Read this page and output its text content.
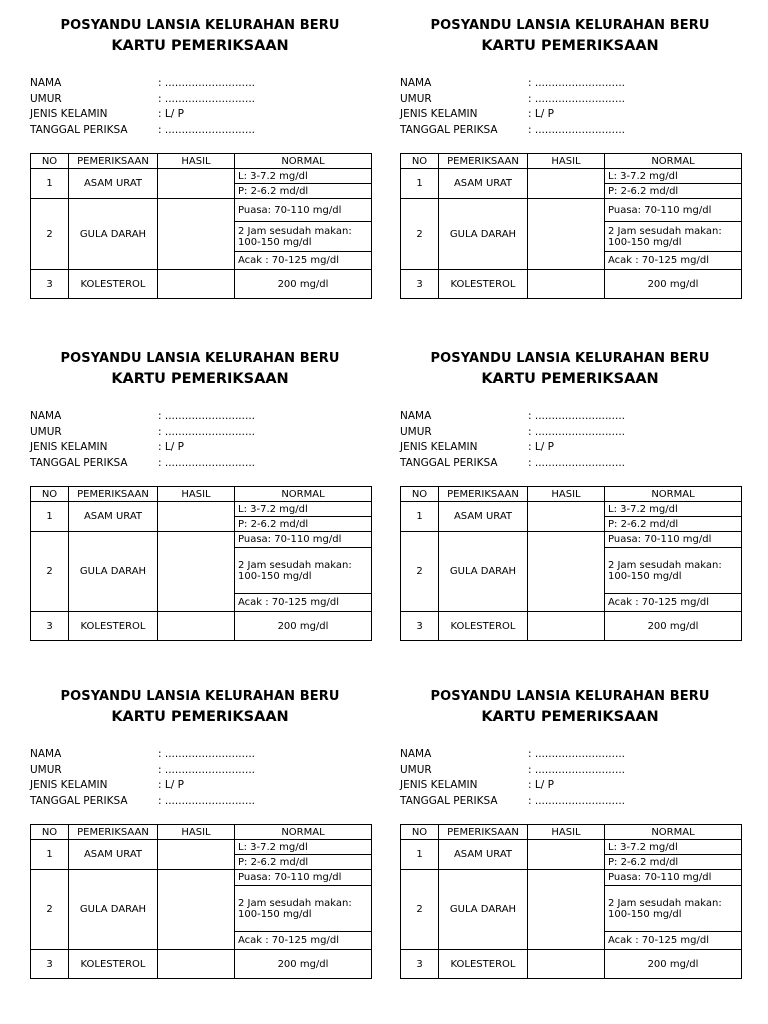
POSYANDU LANSIA KELURAHAN BERU
KARTU PEMERIKSAAN
NAMA	: ...........................
UMUR	: ...........................
JENIS KELAMIN	: L/ P
TANGGAL PERIKSA	: ...........................
NO	PEMERIKSAAN	HASIL	NORMAL
1	ASAM URAT		L: 3-7.2 mg/dl
			P: 2-6.2 md/dl
2	GULA DARAH		Puasa: 70-110 mg/dl
			2 Jam sesudah makan: 100-150 mg/dl
			Acak : 70-125 mg/dl
3	KOLESTEROL		200 mg/dl
POSYANDU LANSIA KELURAHAN BERU
KARTU PEMERIKSAAN
NAMA	: ...........................
UMUR	: ...........................
JENIS KELAMIN	: L/ P
TANGGAL PERIKSA	: ...........................
NO	PEMERIKSAAN	HASIL	NORMAL
1	ASAM URAT		L: 3-7.2 mg/dl
			P: 2-6.2 md/dl
2	GULA DARAH		Puasa: 70-110 mg/dl
			2 Jam sesudah makan: 100-150 mg/dl
			Acak : 70-125 mg/dl
3	KOLESTEROL		200 mg/dl
POSYANDU LANSIA KELURAHAN BERU
KARTU PEMERIKSAAN
NAMA	: ...........................
UMUR	: ...........................
JENIS KELAMIN	: L/ P
TANGGAL PERIKSA	: ...........................
NO	PEMERIKSAAN	HASIL	NORMAL
1	ASAM URAT		L: 3-7.2 mg/dl
			P: 2-6.2 md/dl
2	GULA DARAH		Puasa: 70-110 mg/dl
			2 Jam sesudah makan: 100-150 mg/dl
			Acak : 70-125 mg/dl
3	KOLESTEROL		200 mg/dl
POSYANDU LANSIA KELURAHAN BERU
KARTU PEMERIKSAAN
NAMA	: ...........................
UMUR	: ...........................
JENIS KELAMIN	: L/ P
TANGGAL PERIKSA	: ...........................
NO	PEMERIKSAAN	HASIL	NORMAL
1	ASAM URAT		L: 3-7.2 mg/dl
			P: 2-6.2 md/dl
2	GULA DARAH		Puasa: 70-110 mg/dl
			2 Jam sesudah makan: 100-150 mg/dl
			Acak : 70-125 mg/dl
3	KOLESTEROL		200 mg/dl
POSYANDU LANSIA KELURAHAN BERU
KARTU PEMERIKSAAN
NAMA	: ...........................
UMUR	: ...........................
JENIS KELAMIN	: L/ P
TANGGAL PERIKSA	: ...........................
NO	PEMERIKSAAN	HASIL	NORMAL
1	ASAM URAT		L: 3-7.2 mg/dl
			P: 2-6.2 md/dl
2	GULA DARAH		Puasa: 70-110 mg/dl
			2 Jam sesudah makan: 100-150 mg/dl
			Acak : 70-125 mg/dl
3	KOLESTEROL		200 mg/dl
POSYANDU LANSIA KELURAHAN BERU
KARTU PEMERIKSAAN
NAMA	: ...........................
UMUR	: ...........................
JENIS KELAMIN	: L/ P
TANGGAL PERIKSA	: ...........................
NO	PEMERIKSAAN	HASIL	NORMAL
1	ASAM URAT		L: 3-7.2 mg/dl
			P: 2-6.2 md/dl
2	GULA DARAH		Puasa: 70-110 mg/dl
			2 Jam sesudah makan: 100-150 mg/dl
			Acak : 70-125 mg/dl
3	KOLESTEROL		200 mg/dl
